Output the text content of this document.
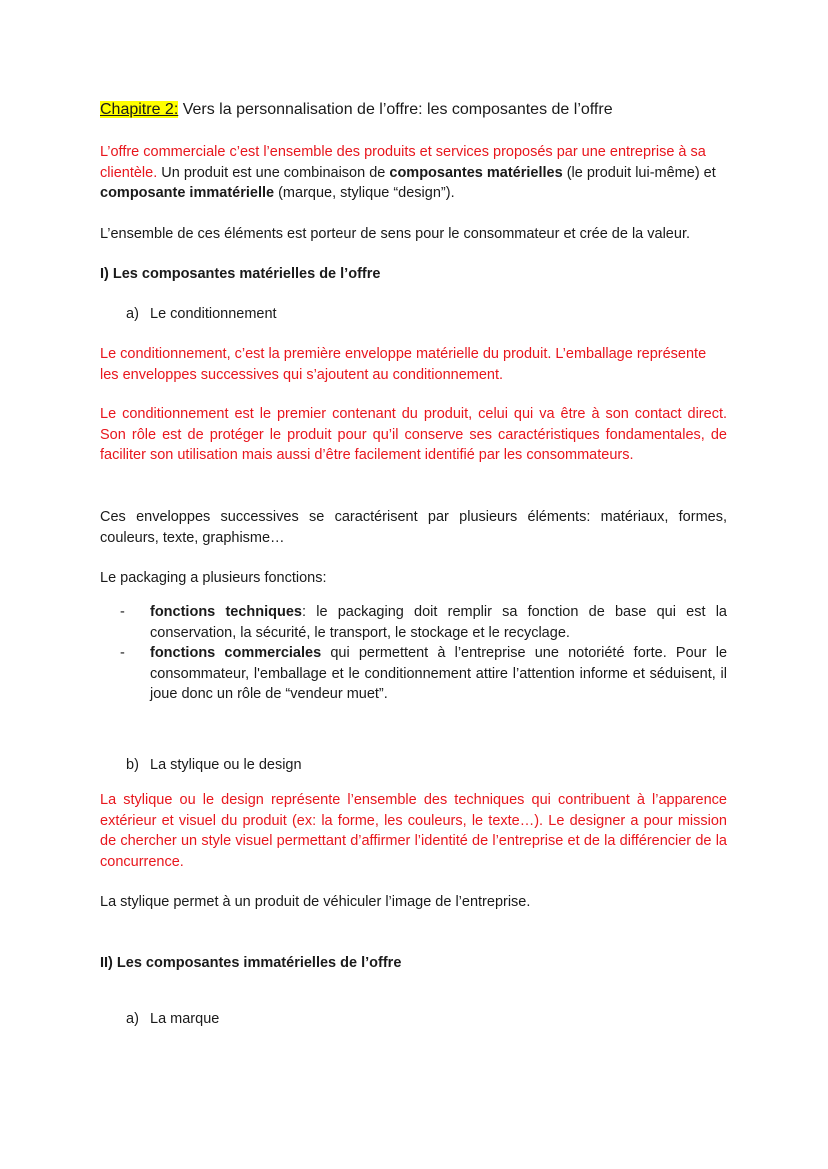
Chapitre 2: Vers la personnalisation de l’offre: les composantes de l’offre

L’offre commerciale c’est l’ensemble des produits et services proposés par une entreprise à sa clientèle. Un produit est une combinaison de composantes matérielles (le produit lui-même) et composante immatérielle (marque, stylique “design”).

L’ensemble de ces éléments est porteur de sens pour le consommateur et crée de la valeur.

I) Les composantes matérielles de l’offre

a) Le conditionnement

Le conditionnement, c’est la première enveloppe matérielle du produit. L’emballage représente les enveloppes successives qui s’ajoutent au conditionnement.

Le conditionnement est le premier contenant du produit, celui qui va être à son contact direct. Son rôle est de protéger le produit pour qu’il conserve ses caractéristiques fondamentales, de faciliter son utilisation mais aussi d’être facilement identifié par les consommateurs.

Ces enveloppes successives se caractérisent par plusieurs éléments: matériaux, formes, couleurs, texte, graphisme…

Le packaging a plusieurs fonctions:

- fonctions techniques: le packaging doit remplir sa fonction de base qui est la conservation, la sécurité, le transport, le stockage et le recyclage.
- fonctions commerciales qui permettent à l’entreprise une notoriété forte. Pour le consommateur, l'emballage et le conditionnement attire l’attention informe et séduisent, il joue donc un rôle de “vendeur muet”.

b) La stylique ou le design

La stylique ou le design représente l’ensemble des techniques qui contribuent à l’apparence extérieur et visuel du produit (ex: la forme, les couleurs, le texte…). Le designer a pour mission de chercher un style visuel permettant d’affirmer l’identité de l’entreprise et de la différencier de la concurrence.

La stylique permet à un produit de véhiculer l’image de l’entreprise.

II) Les composantes immatérielles de l’offre

a) La marque
